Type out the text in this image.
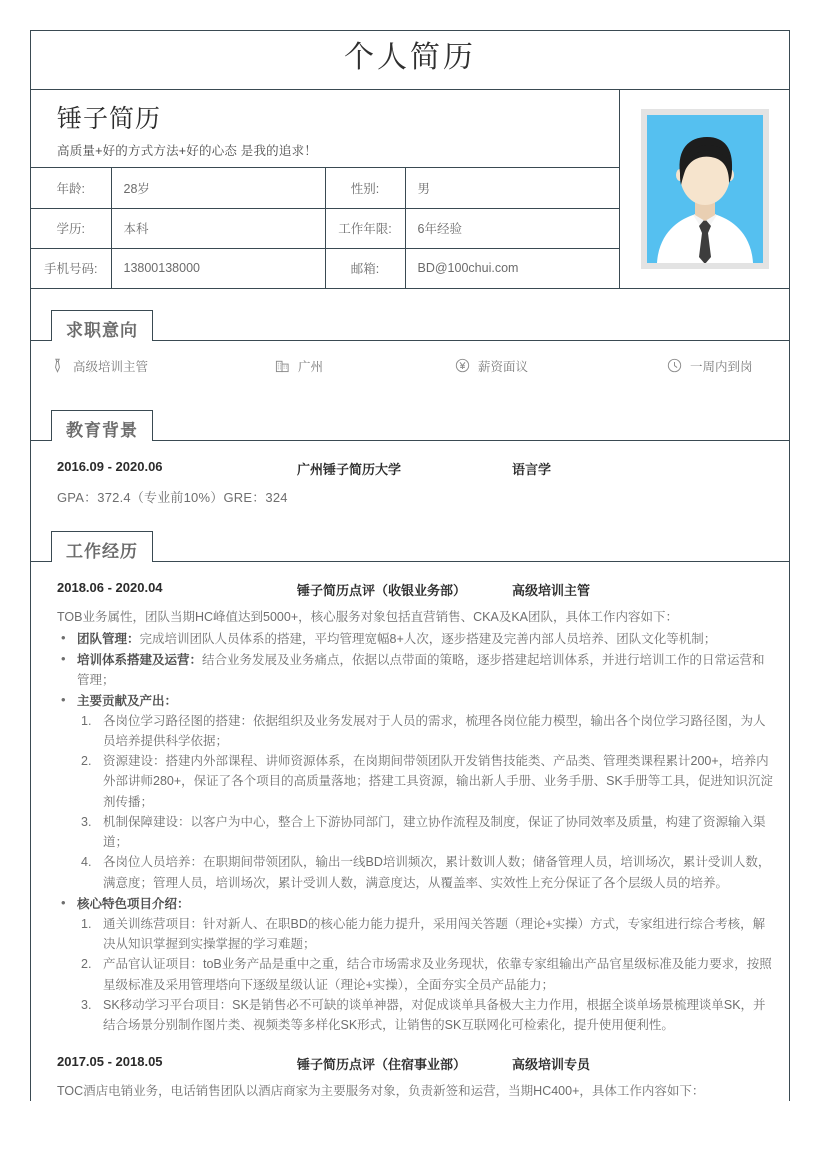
个人简历
锤子简历
高质量+好的方式方法+好的心态 是我的追求！
年龄:	28岁	性别:	男
学历:	本科	工作年限:	6年经验
手机号码:	13800138000	邮箱:	BD@100chui.com
求职意向
高级培训主管	广州	薪资面议	一周内到岗
教育背景
2016.09 - 2020.06	广州锤子简历大学	语言学
GPA：372.4（专业前10%）GRE：324
工作经历
2018.06 - 2020.04	锤子简历点评（收银业务部）	高级培训主管
TOB业务属性，团队当期HC峰值达到5000+，核心服务对象包括直营销售、CKA及KA团队，具体工作内容如下：
• 团队管理：完成培训团队人员体系的搭建，平均管理宽幅8+人次，逐步搭建及完善内部人员培养、团队文化等机制；
• 培训体系搭建及运营：结合业务发展及业务痛点，依据以点带面的策略，逐步搭建起培训体系，并进行培训工作的日常运营和管理；
• 主要贡献及产出：
各岗位学习路径图的搭建：依据组织及业务发展对于人员的需求，梳理各岗位能力模型，输出各个岗位学习路径图，为人员培养提供科学依据；
资源建设：搭建内外部课程、讲师资源体系，在岗期间带领团队开发销售技能类、产品类、管理类课程累计200+，培养内外部讲师280+，保证了各个项目的高质量落地；搭建工具资源，输出新人手册、业务手册、SK手册等工具，促进知识沉淀剂传播；
机制保障建设：以客户为中心，整合上下游协同部门，建立协作流程及制度，保证了协同效率及质量，构建了资源输入渠道；
各岗位人员培养：在职期间带领团队，输出一线BD培训频次，累计数训人数；储备管理人员，培训场次，累计受训人数，满意度；管理人员，培训场次，累计受训人数，满意度达，从覆盖率、实效性上充分保证了各个层级人员的培养。
• 核心特色项目介绍：
通关训练营项目：针对新人、在职BD的核心能力能力提升，采用闯关答题（理论+实操）方式，专家组进行综合考核，解决从知识掌握到实操掌握的学习难题；
产品官认证项目：toB业务产品是重中之重，结合市场需求及业务现状，依靠专家组输出产品官星级标准及能力要求，按照星级标准及采用管理塔向下逐级星级认证（理论+实操），全面夯实全员产品能力；
SK移动学习平台项目：SK是销售必不可缺的谈单神器，对促成谈单具备极大主力作用，根据全谈单场景梳理谈单SK，并结合场景分别制作图片类、视频类等多样化SK形式，让销售的SK互联网化可检索化，提升使用便利性。
2017.05 - 2018.05	锤子简历点评（住宿事业部）	高级培训专员
TOC酒店电销业务，电话销售团队以酒店商家为主要服务对象，负责新签和运营，当期HC400+，具体工作内容如下：
